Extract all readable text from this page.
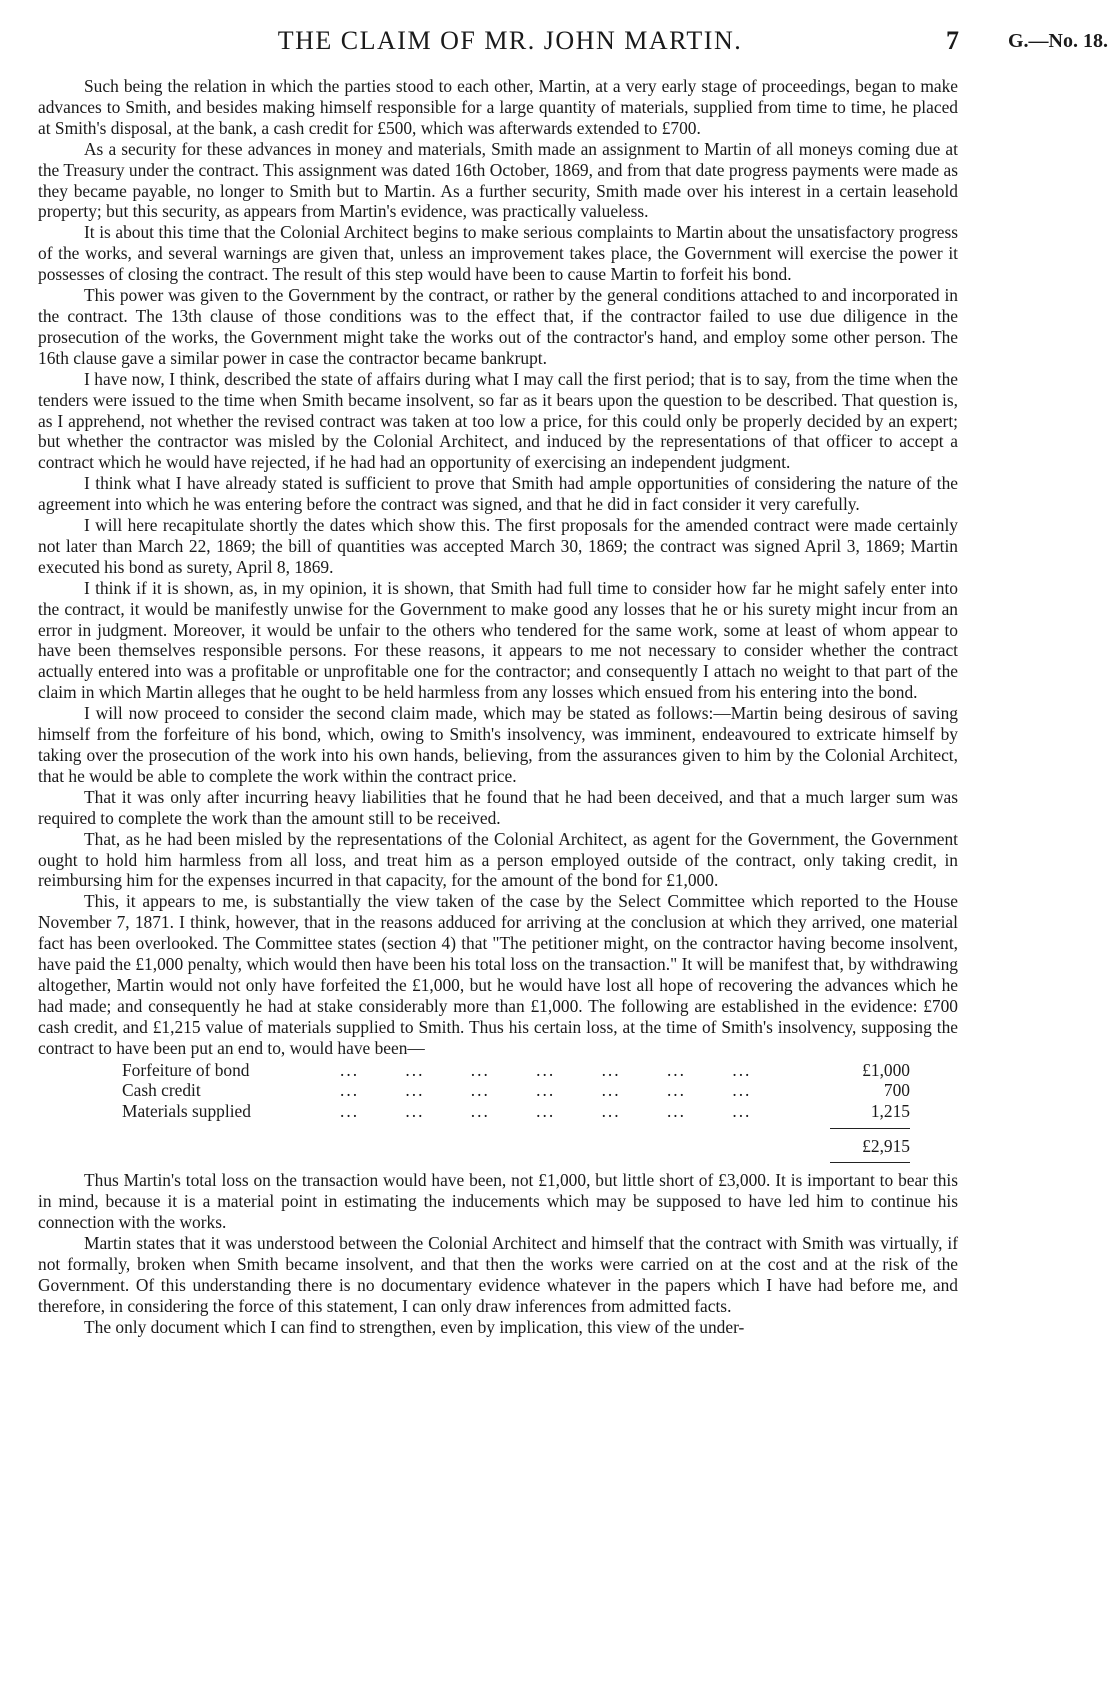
THE CLAIM OF MR. JOHN MARTIN.	7 G.—No. 18.

Such being the relation in which the parties stood to each other, Martin, at a very early stage of proceedings, began to make advances to Smith, and besides making himself responsible for a large quantity of materials, supplied from time to time, he placed at Smith's disposal, at the bank, a cash credit for £500, which was afterwards extended to £700.

As a security for these advances in money and materials, Smith made an assignment to Martin of all moneys coming due at the Treasury under the contract. This assignment was dated 16th October, 1869, and from that date progress payments were made as they became payable, no longer to Smith but to Martin. As a further security, Smith made over his interest in a certain leasehold property; but this security, as appears from Martin's evidence, was practically valueless.

It is about this time that the Colonial Architect begins to make serious complaints to Martin about the unsatisfactory progress of the works, and several warnings are given that, unless an improvement takes place, the Government will exercise the power it possesses of closing the contract. The result of this step would have been to cause Martin to forfeit his bond.

This power was given to the Government by the contract, or rather by the general conditions attached to and incorporated in the contract. The 13th clause of those conditions was to the effect that, if the contractor failed to use due diligence in the prosecution of the works, the Government might take the works out of the contractor's hand, and employ some other person. The 16th clause gave a similar power in case the contractor became bankrupt.

I have now, I think, described the state of affairs during what I may call the first period; that is to say, from the time when the tenders were issued to the time when Smith became insolvent, so far as it bears upon the question to be described. That question is, as I apprehend, not whether the revised contract was taken at too low a price, for this could only be properly decided by an expert; but whether the contractor was misled by the Colonial Architect, and induced by the representations of that officer to accept a contract which he would have rejected, if he had had an opportunity of exercising an independent judgment.

I think what I have already stated is sufficient to prove that Smith had ample opportunities of considering the nature of the agreement into which he was entering before the contract was signed, and that he did in fact consider it very carefully.

I will here recapitulate shortly the dates which show this. The first proposals for the amended contract were made certainly not later than March 22, 1869; the bill of quantities was accepted March 30, 1869; the contract was signed April 3, 1869; Martin executed his bond as surety, April 8, 1869.

I think if it is shown, as, in my opinion, it is shown, that Smith had full time to consider how far he might safely enter into the contract, it would be manifestly unwise for the Government to make good any losses that he or his surety might incur from an error in judgment. Moreover, it would be unfair to the others who tendered for the same work, some at least of whom appear to have been themselves responsible persons. For these reasons, it appears to me not necessary to consider whether the contract actually entered into was a profitable or unprofitable one for the contractor; and consequently I attach no weight to that part of the claim in which Martin alleges that he ought to be held harmless from any losses which ensued from his entering into the bond.

I will now proceed to consider the second claim made, which may be stated as follows:—Martin being desirous of saving himself from the forfeiture of his bond, which, owing to Smith's insolvency, was imminent, endeavoured to extricate himself by taking over the prosecution of the work into his own hands, believing, from the assurances given to him by the Colonial Architect, that he would be able to complete the work within the contract price.

That it was only after incurring heavy liabilities that he found that he had been deceived, and that a much larger sum was required to complete the work than the amount still to be received.

That, as he had been misled by the representations of the Colonial Architect, as agent for the Government, the Government ought to hold him harmless from all loss, and treat him as a person employed outside of the contract, only taking credit, in reimbursing him for the expenses incurred in that capacity, for the amount of the bond for £1,000.

This, it appears to me, is substantially the view taken of the case by the Select Committee which reported to the House November 7, 1871. I think, however, that in the reasons adduced for arriving at the conclusion at which they arrived, one material fact has been overlooked. The Committee states (section 4) that "The petitioner might, on the contractor having become insolvent, have paid the £1,000 penalty, which would then have been his total loss on the transaction." It will be manifest that, by withdrawing altogether, Martin would not only have forfeited the £1,000, but he would have lost all hope of recovering the advances which he had made; and consequently he had at stake considerably more than £1,000. The following are established in the evidence: £700 cash credit, and £1,215 value of materials supplied to Smith. Thus his certain loss, at the time of Smith's insolvency, supposing the contract to have been put an end to, would have been—

Forfeiture of bond	... ... ... ... ... ... ...	£1,000
Cash credit	... ... ... ... ... ... ...	700
Materials supplied	... ... ... ... ... ... ...	1,215
£2,915

Thus Martin's total loss on the transaction would have been, not £1,000, but little short of £3,000. It is important to bear this in mind, because it is a material point in estimating the inducements which may be supposed to have led him to continue his connection with the works.

Martin states that it was understood between the Colonial Architect and himself that the contract with Smith was virtually, if not formally, broken when Smith became insolvent, and that then the works were carried on at the cost and at the risk of the Government. Of this understanding there is no documentary evidence whatever in the papers which I have had before me, and therefore, in considering the force of this statement, I can only draw inferences from admitted facts.

The only document which I can find to strengthen, even by implication, this view of the under-
